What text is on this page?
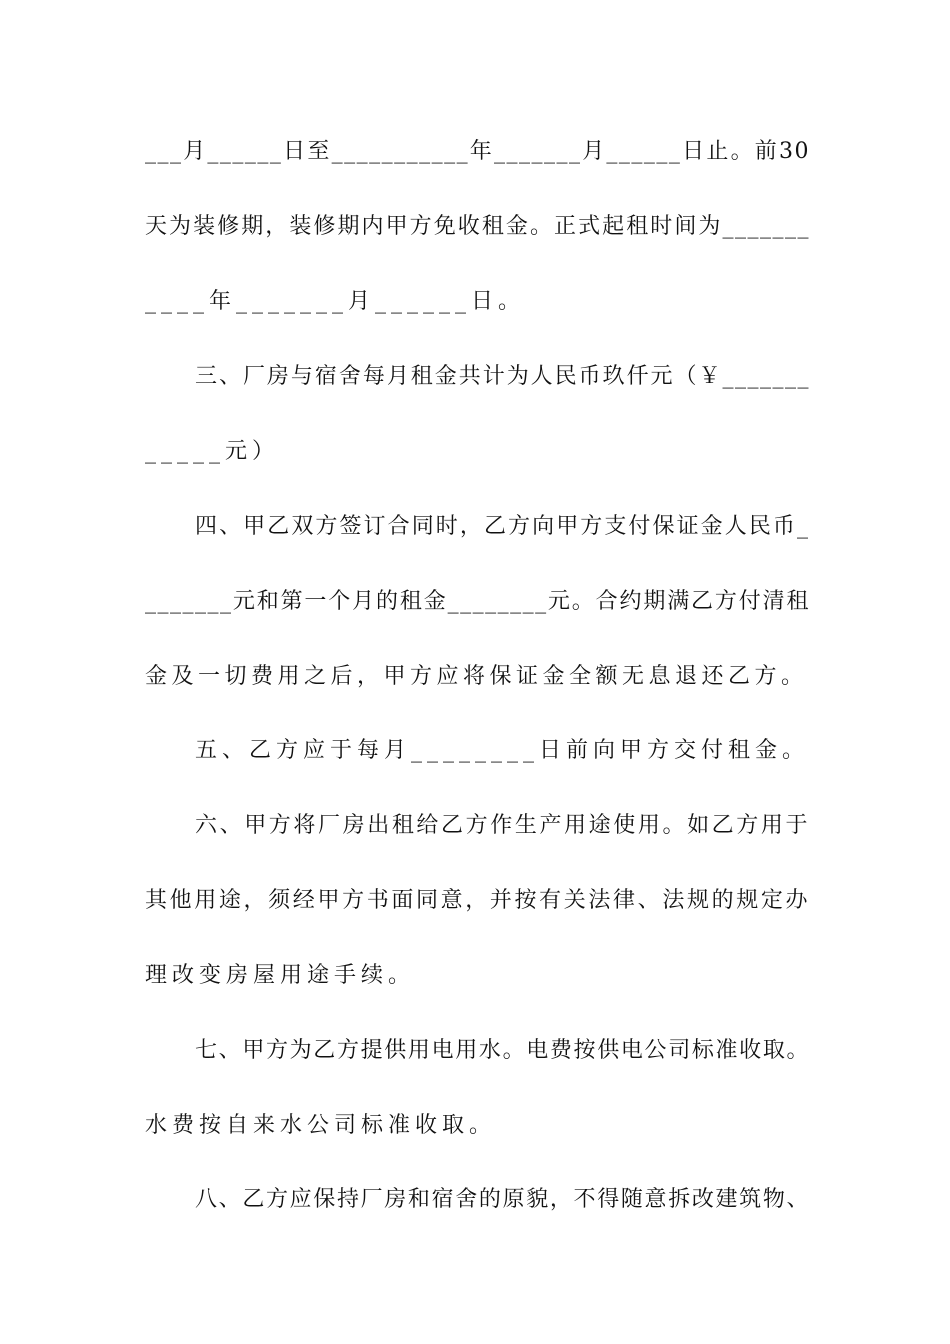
___月______日至___________年_______月______日止。前30
天为装修期，装修期内甲方免收租金。正式起租时间为_______
____年_______月______日。
三、厂房与宿舍每月租金共计为人民币玖仟元（￥_______
_____元）
四、甲乙双方签订合同时，乙方向甲方支付保证金人民币_
_______元和第一个月的租金________元。合约期满乙方付清租
金及一切费用之后，甲方应将保证金全额无息退还乙方。
五、乙方应于每月________日前向甲方交付租金。
六、甲方将厂房出租给乙方作生产用途使用。如乙方用于
其他用途，须经甲方书面同意，并按有关法律、法规的规定办
理改变房屋用途手续。
七、甲方为乙方提供用电用水。电费按供电公司标准收取。
水费按自来水公司标准收取。
八、乙方应保持厂房和宿舍的原貌，不得随意拆改建筑物、
